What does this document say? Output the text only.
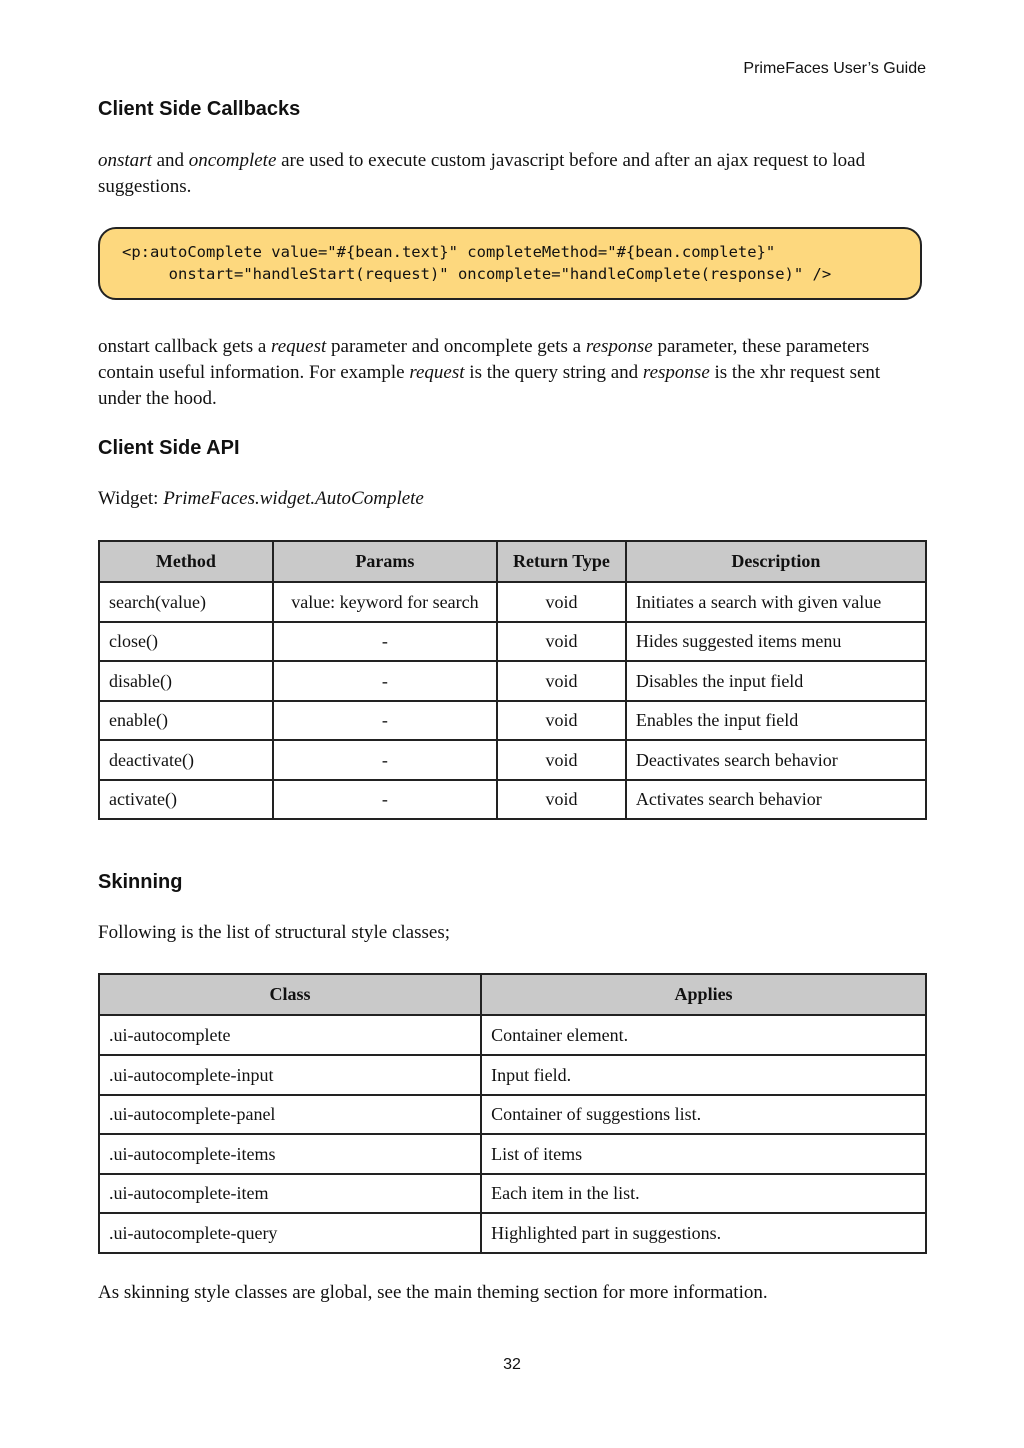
PrimeFaces User’s Guide
Client Side Callbacks

onstart and oncomplete are used to execute custom javascript before and after an ajax request to load suggestions.

<p:autoComplete value="#{bean.text}" completeMethod="#{bean.complete}"
onstart="handleStart(request)" oncomplete="handleComplete(response)" />

onstart callback gets a request parameter and oncomplete gets a response parameter, these parameters contain useful information. For example request is the query string and response is the xhr request sent under the hood.

Client Side API

Widget: PrimeFaces.widget.AutoComplete

Method	Params	Return Type	Description
search(value)	value: keyword for search	void	Initiates a search with given value
close()	-	void	Hides suggested items menu
disable()	-	void	Disables the input field
enable()	-	void	Enables the input field
deactivate()	-	void	Deactivates search behavior
activate()	-	void	Activates search behavior
Skinning

Following is the list of structural style classes;

Class	Applies
.ui-autocomplete	Container element.
.ui-autocomplete-input	Input field.
.ui-autocomplete-panel	Container of suggestions list.
.ui-autocomplete-items	List of items
.ui-autocomplete-item	Each item in the list.
.ui-autocomplete-query	Highlighted part in suggestions.

As skinning style classes are global, see the main theming section for more information.

32
